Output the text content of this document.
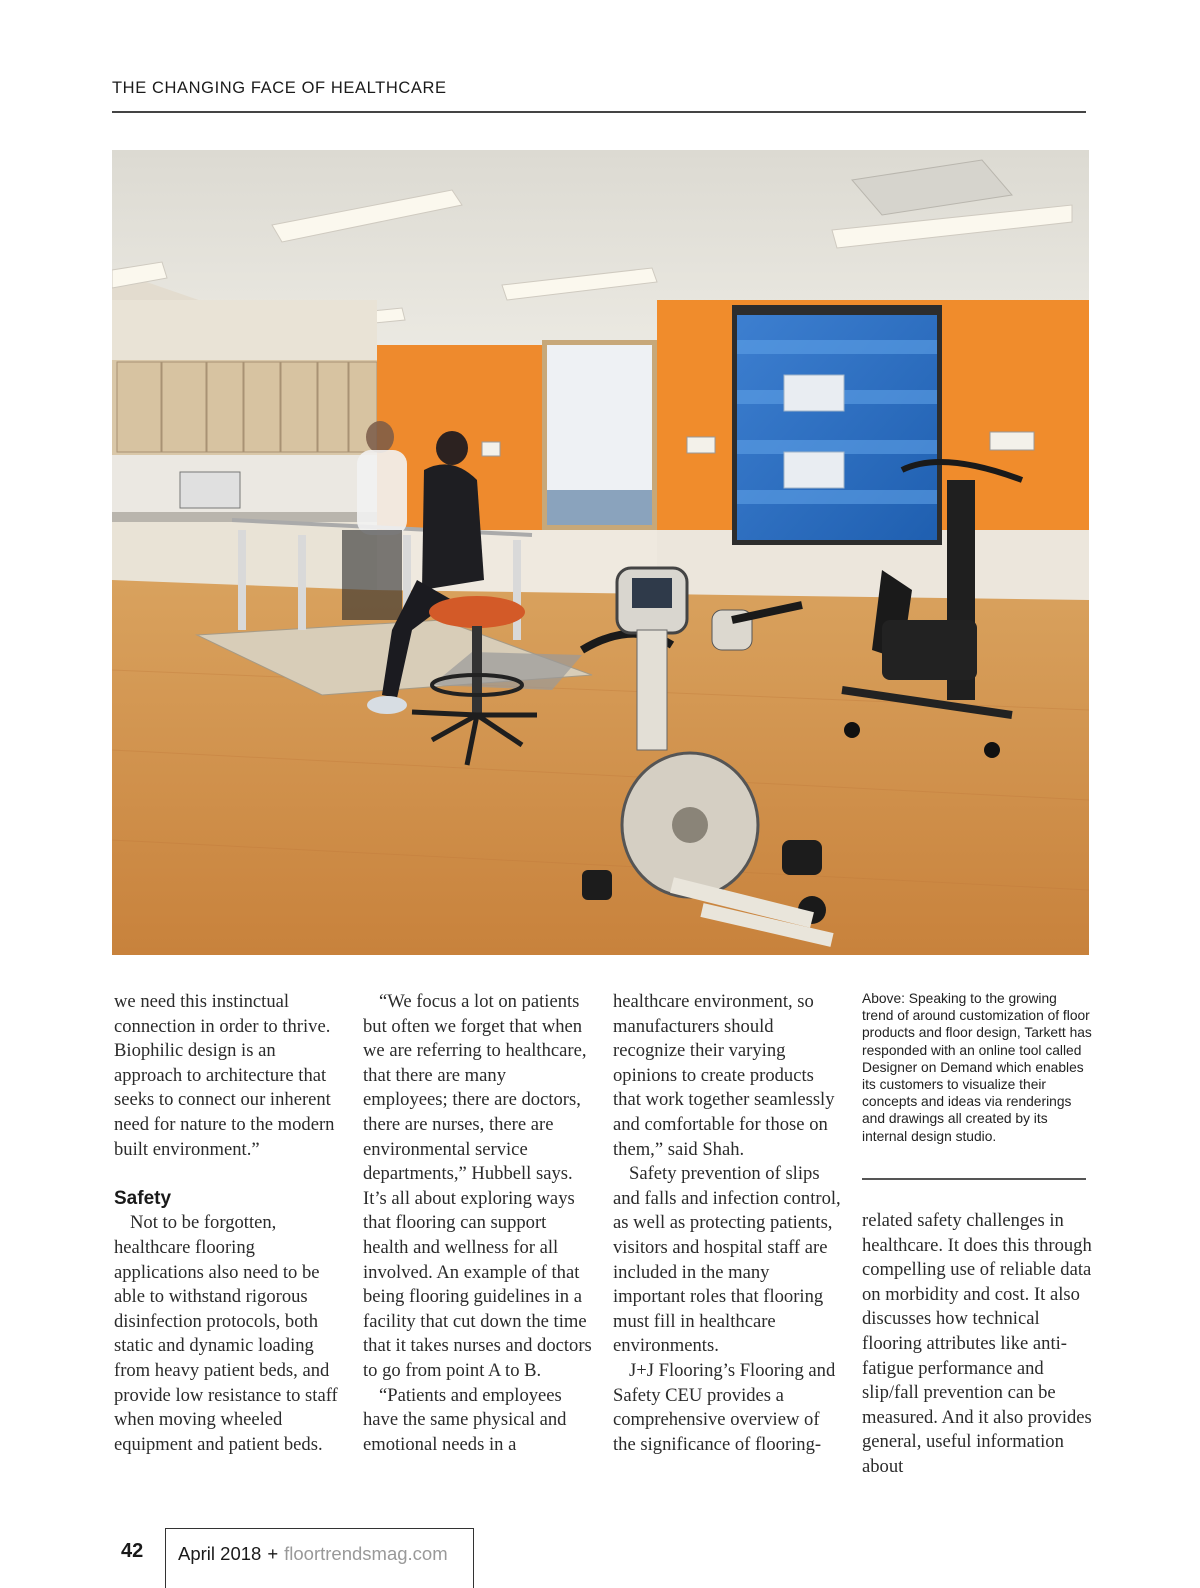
THE CHANGING FACE OF HEALTHCARE

we need this instinctual connection in order to thrive. Biophilic design is an approach to architecture that seeks to connect our inherent need for nature to the modern built environment.”

Safety

Not to be forgotten, healthcare flooring applications also need to be able to withstand rigorous disinfection protocols, both static and dynamic loading from heavy patient beds, and provide low resistance to staff when moving wheeled equipment and patient beds.

“We focus a lot on patients but often we forget that when we are referring to healthcare, that there are many employees; there are doctors, there are nurses, there are environmental service departments,” Hubbell says. It’s all about exploring ways that flooring can support health and wellness for all involved. An example of that being flooring guidelines in a facility that cut down the time that it takes nurses and doctors to go from point A to B.

“Patients and employees have the same physical and emotional needs in a

healthcare environment, so manufacturers should recognize their varying opinions to create products that work together seamlessly and comfortable for those on them,” said Shah.

Safety prevention of slips and falls and infection control, as well as protecting patients, visitors and hospital staff are included in the many important roles that flooring must fill in healthcare environments.

J+J Flooring’s Flooring and Safety CEU provides a comprehensive overview of the significance of flooring-

Above: Speaking to the growing trend of around customization of floor products and floor design, Tarkett has responded with an online tool called Designer on Demand which enables its customers to visualize their concepts and ideas via renderings and drawings all created by its internal design studio.

related safety challenges in healthcare. It does this through compelling use of reliable data on morbidity and cost. It also discusses how technical flooring attributes like anti-fatigue performance and slip/fall prevention can be measured. And it also provides general, useful information about

42	April 2018 + floortrendsmag.com
